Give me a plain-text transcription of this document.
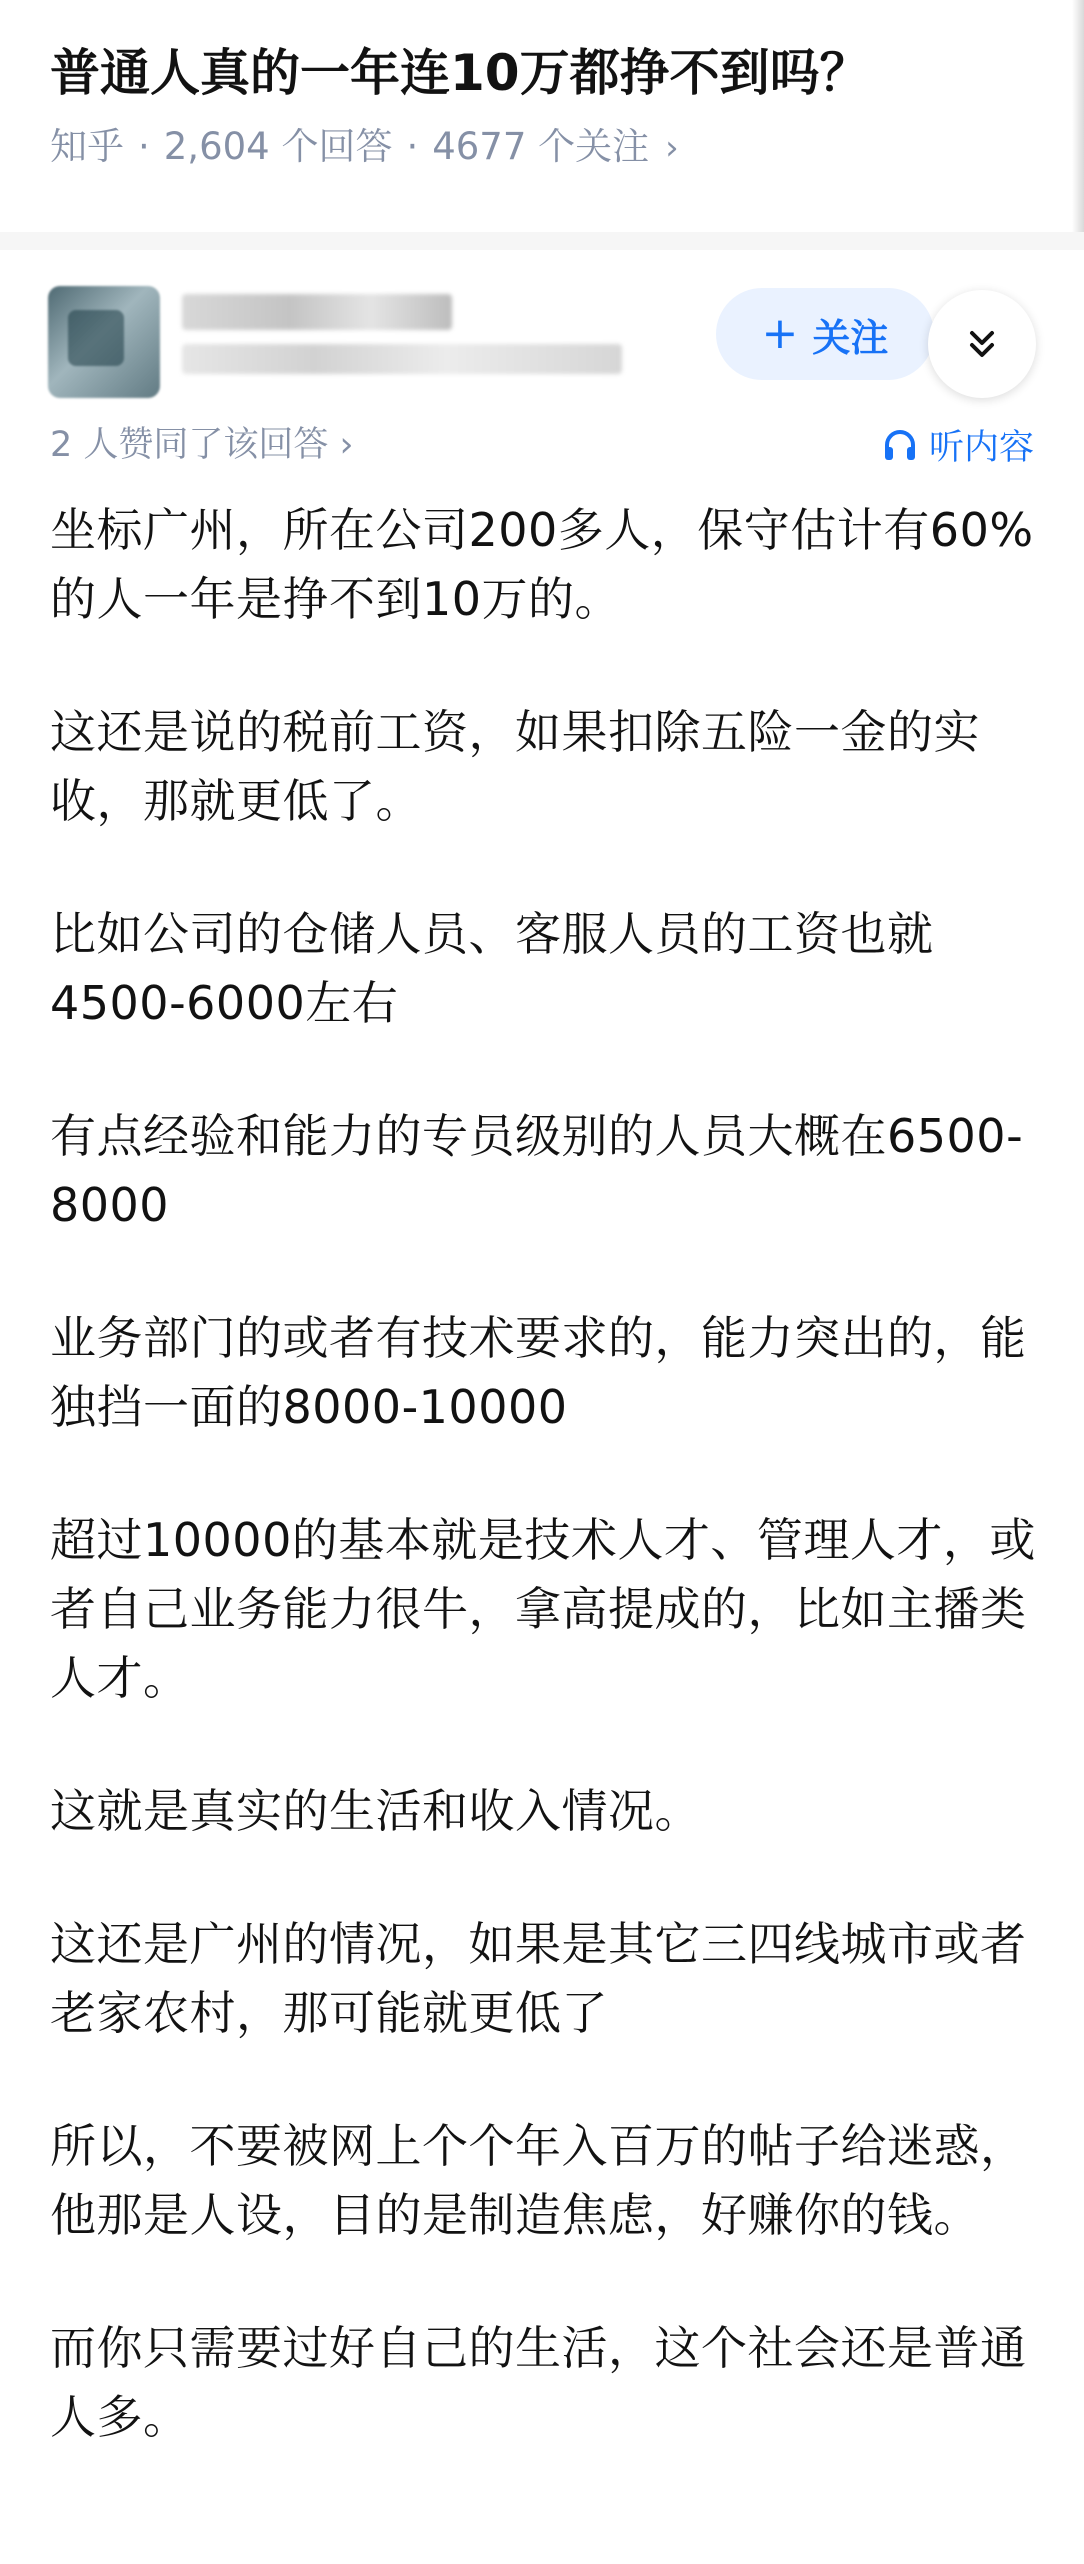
普通人真的一年连10万都挣不到吗？
知乎 · 2,604 个回答 · 4677 个关注 ›
+ 关注
2 人赞同了该回答 ›	听内容

坐标广州，所在公司200多人，保守估计有60%的人一年是挣不到10万的。

这还是说的税前工资，如果扣除五险一金的实收，那就更低了。

比如公司的仓储人员、客服人员的工资也就4500-6000左右

有点经验和能力的专员级别的人员大概在6500-8000

业务部门的或者有技术要求的，能力突出的，能独挡一面的8000-10000

超过10000的基本就是技术人才、管理人才，或者自己业务能力很牛，拿高提成的，比如主播类人才。

这就是真实的生活和收入情况。

这还是广州的情况，如果是其它三四线城市或者老家农村，那可能就更低了

所以，不要被网上个个年入百万的帖子给迷惑，他那是人设，目的是制造焦虑，好赚你的钱。

而你只需要过好自己的生活，这个社会还是普通人多。
